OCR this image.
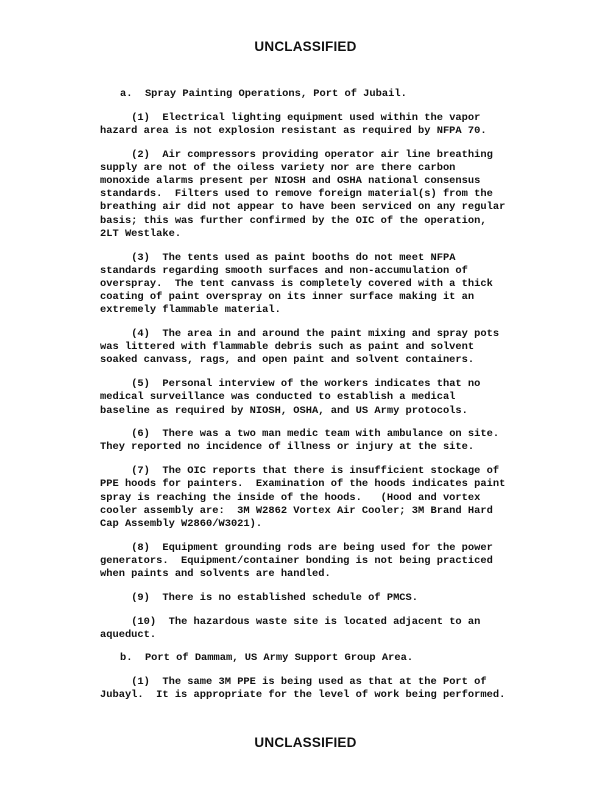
UNCLASSIFIED
a.  Spray Painting Operations, Port of Jubail.
(1)  Electrical lighting equipment used within the vapor
hazard area is not explosion resistant as required by NFPA 70.
(2)  Air compressors providing operator air line breathing
supply are not of the oiless variety nor are there carbon
monoxide alarms present per NIOSH and OSHA national consensus
standards.  Filters used to remove foreign material(s) from the
breathing air did not appear to have been serviced on any regular
basis; this was further confirmed by the OIC of the operation,
2LT Westlake.
(3)  The tents used as paint booths do not meet NFPA
standards regarding smooth surfaces and non-accumulation of
overspray.  The tent canvass is completely covered with a thick
coating of paint overspray on its inner surface making it an
extremely flammable material.
(4)  The area in and around the paint mixing and spray pots
was littered with flammable debris such as paint and solvent
soaked canvass, rags, and open paint and solvent containers.
(5)  Personal interview of the workers indicates that no
medical surveillance was conducted to establish a medical
baseline as required by NIOSH, OSHA, and US Army protocols.
(6)  There was a two man medic team with ambulance on site.
They reported no incidence of illness or injury at the site.
(7)  The OIC reports that there is insufficient stockage of
PPE hoods for painters.  Examination of the hoods indicates paint
spray is reaching the inside of the hoods.   (Hood and vortex
cooler assembly are:  3M W2862 Vortex Air Cooler; 3M Brand Hard
Cap Assembly W2860/W3021).
(8)  Equipment grounding rods are being used for the power
generators.  Equipment/container bonding is not being practiced
when paints and solvents are handled.
(9)  There is no established schedule of PMCS.
(10)  The hazardous waste site is located adjacent to an
aqueduct.
b.  Port of Dammam, US Army Support Group Area.
(1)  The same 3M PPE is being used as that at the Port of
Jubayl.  It is appropriate for the level of work being performed.
UNCLASSIFIED
